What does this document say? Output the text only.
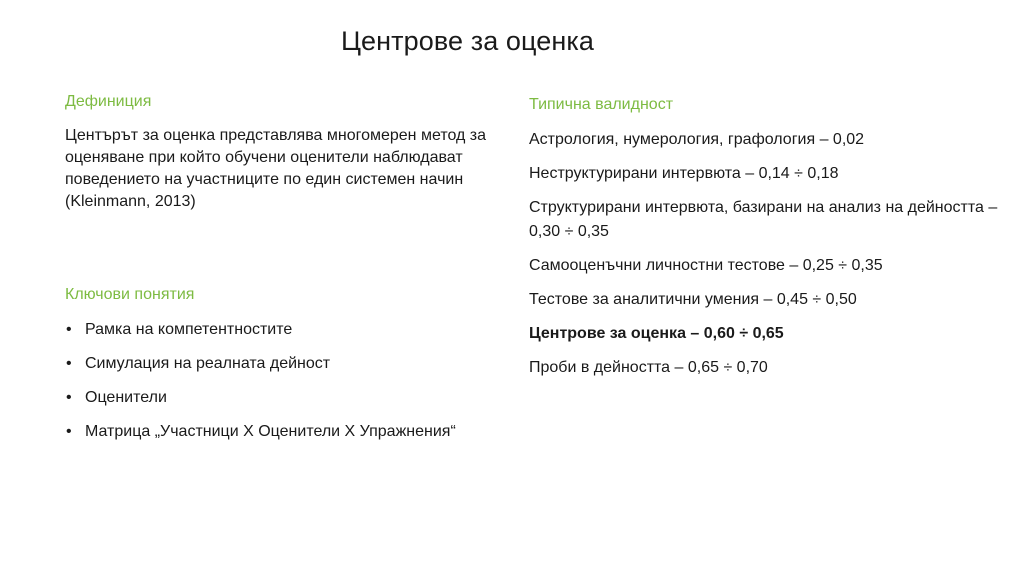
Центрове за оценка
Дефиниция
Центърът за оценка представлява многомерен метод за оценяване при който обучени оценители наблюдават поведението на участниците по един системен начин (Kleinmann, 2013)
Ключови понятия
• Рамка на компетентностите
• Симулация на реалната дейност
• Оценители
• Матрица „Участници Х Оценители Х Упражнения“
Типична валидност
Астрология, нумерология, графология – 0,02
Неструктурирани интервюта – 0,14 ÷ 0,18
Структурирани интервюта, базирани на анализ на дейността – 0,30 ÷ 0,35
Самооценъчни личностни тестове – 0,25 ÷ 0,35
Тестове за аналитични умения – 0,45 ÷ 0,50
Центрове за оценка – 0,60 ÷ 0,65
Проби в дейността – 0,65 ÷ 0,70
